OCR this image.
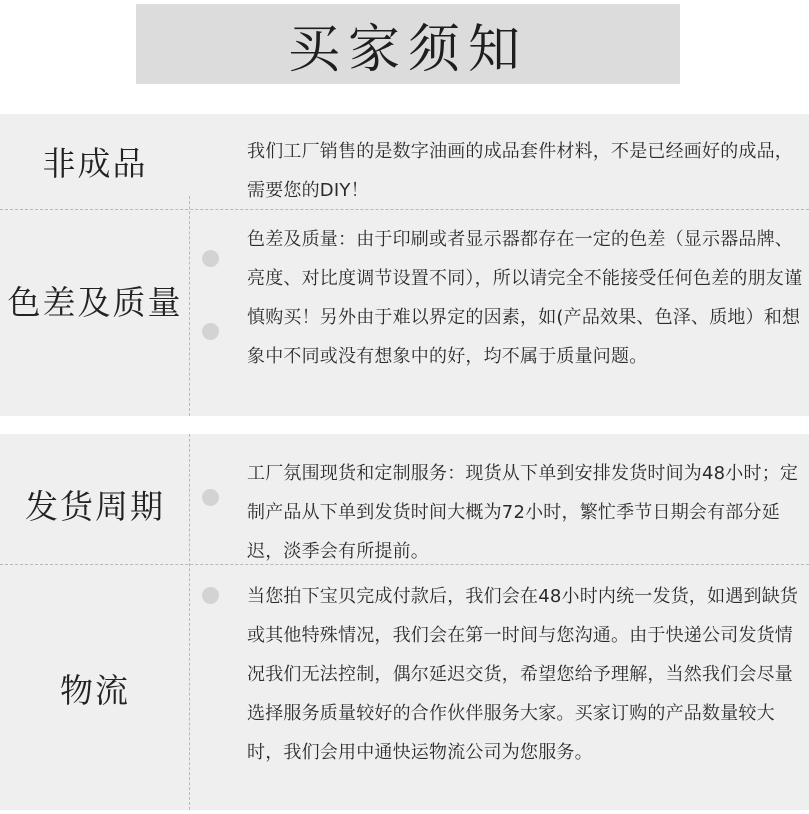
买家须知
非成品	我们工厂销售的是数字油画的成品套件材料，不是已经画好的成品，需要您的DIY！
色差及质量
色差及质量：由于印刷或者显示器都存在一定的色差（显示器品牌、亮度、对比度调节设置不同），所以请完全不能接受任何色差的朋友谨慎购买！另外由于难以界定的因素，如(产品效果、色泽、质地）和想象中不同或没有想象中的好，均不属于质量问题。
发货周期
工厂氛围现货和定制服务：现货从下单到安排发货时间为48小时；定制产品从下单到发货时间大概为72小时，繁忙季节日期会有部分延迟，淡季会有所提前。
物流
当您拍下宝贝完成付款后，我们会在48小时内统一发货，如遇到缺货或其他特殊情况，我们会在第一时间与您沟通。由于快递公司发货情况我们无法控制，偶尔延迟交货，希望您给予理解，当然我们会尽量选择服务质量较好的合作伙伴服务大家。买家订购的产品数量较大时，我们会用中通快运物流公司为您服务。
